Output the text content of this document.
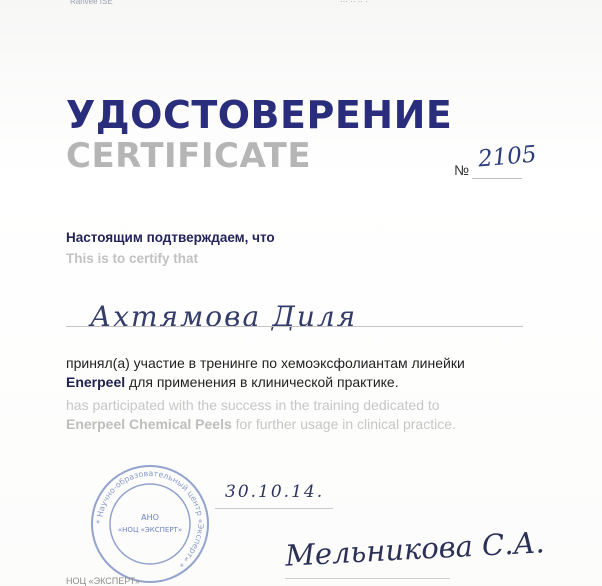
Ranvee ISE	··· ·· ·· ·
УДОСТОВЕРЕНИЕ
CERTIFICATE	№ 2105
Настоящим подтверждаем, что
This is to certify that
Ахтямова Диля
принял(а) участие в тренинге по хемоэксфолиантам линейки
Enerpeel для применения в клинической практике.
has participated with the success in the training dedicated to
Enerpeel Chemical Peels for further usage in clinical practice.
30.10.14.
* Научно-образовательный центр «Эксперт» *
АНО
«НОЦ «ЭКСПЕРТ»	Мельникова С.А.
НОЦ «ЭКСПЕРТ»
